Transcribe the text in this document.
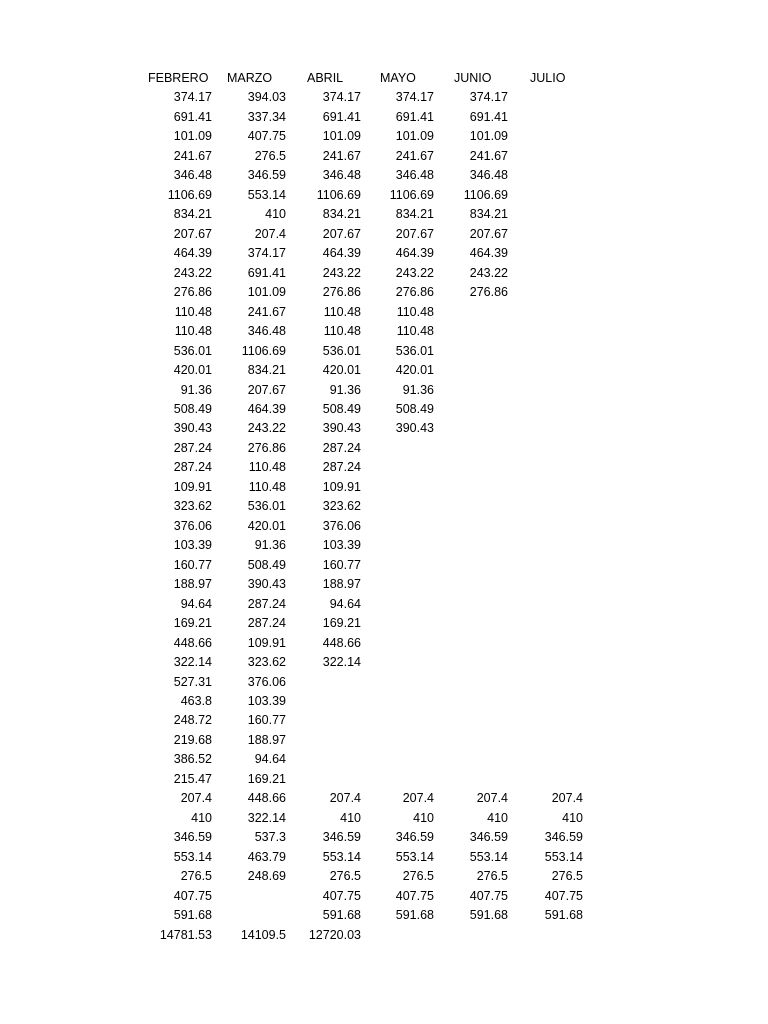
FEBRERO
374.17
691.41
101.09
241.67
346.48
1106.69
834.21
207.67
464.39
243.22
276.86
110.48
110.48
536.01
420.01
91.36
508.49
390.43
287.24
287.24
109.91
323.62
376.06
103.39
160.77
188.97
94.64
169.21
448.66
322.14
527.31
463.8
248.72
219.68
386.52
215.47
207.4
410
346.59
553.14
276.5
407.75
591.68
14781.53
MARZO
394.03
337.34
407.75
276.5
346.59
553.14
410
207.4
374.17
691.41
101.09
241.67
346.48
1106.69
834.21
207.67
464.39
243.22
276.86
110.48
110.48
536.01
420.01
91.36
508.49
390.43
287.24
287.24
109.91
323.62
376.06
103.39
160.77
188.97
94.64
169.21
448.66
322.14
537.3
463.79
248.69
14109.5
ABRIL
374.17
691.41
101.09
241.67
346.48
1106.69
834.21
207.67
464.39
243.22
276.86
110.48
110.48
536.01
420.01
91.36
508.49
390.43
287.24
287.24
109.91
323.62
376.06
103.39
160.77
188.97
94.64
169.21
448.66
322.14
207.4
410
346.59
553.14
276.5
407.75
591.68
12720.03
MAYO
374.17
691.41
101.09
241.67
346.48
1106.69
834.21
207.67
464.39
243.22
276.86
110.48
110.48
536.01
420.01
91.36
508.49
390.43
207.4
410
346.59
553.14
276.5
407.75
591.68
JUNIO
374.17
691.41
101.09
241.67
346.48
1106.69
834.21
207.67
464.39
243.22
276.86
207.4
410
346.59
553.14
276.5
407.75
591.68
JULIO
207.4
410
346.59
553.14
276.5
407.75
591.68
